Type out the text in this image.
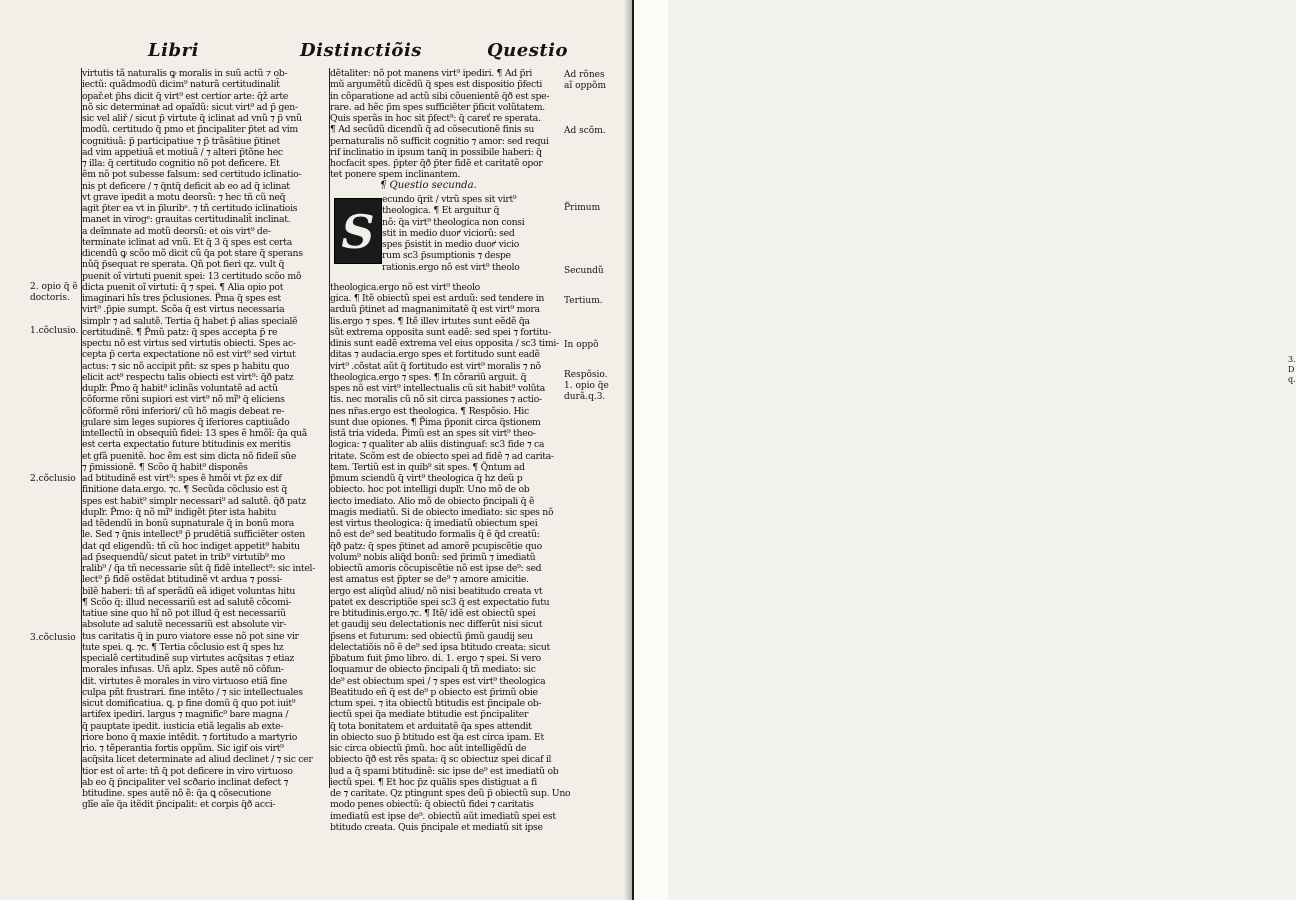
3.
D
q.
Libri	Distinctiõis	Questio
virtutis tã naturalis ꝙ moralis in suũ actũ ⁊ ob-
iectũ: quãdmodũ dicim⁹ naturã certitudinalit̃
opař.et p̃hs dicit q̃ virt⁹ est certior arte: q̃ž arte
nõ sic determinaŧ ad opaĩdũ: sicut virt⁹ ad p̃ gen-
sic vel aliř / sicut p̃ virtute q̃ iclinat ad vnũ ⁊ p̃ vnũ
modũ. certitudo q̃ pmo et p̃ncipaliter p̃tet ad vim
cognitiuã: p̃ participatiue ⁊ p̃ trãsȃtiue p̃tinet
ad vim appetiuã et motiuã / ⁊ alteri p̃tõne hec
⁊ illa: q̃ certitudo cognitio nõ pot deficere. Et
ẽm nõ pot subesse falsum: sed certitudo iclinatio-
nis pt deficere / ⁊ q̃ntq̃ deficit ab eo ad q̃ iclinat
vt grave ipedit a motu deorsũ: ⁊ hec tñ cũ neq̃
agit p̃ter ea vt in p̃luribᵉ. ⁊ tñ certitudo iclinatiois
manet in virogᵉ: grauitas certitudinalit̃ inclinat.
a deĩmnate ad motũ deorsũ: et ois virt⁹ de-
terminate iclinat ad vnũ. Et q̃ 3 q̃ spes est certa
dicendũ ꝙ scõo mõ dicit cũ q̃a pot stare q̃ sperans
nũq̃ p̃sequat re sperata. Qñ pot fieri qz. vult q̃
puenit oĩ virtuti puenit spei: 13 certitudo scõo mõ
dicta puenit oĩ virtuti: q̃ ⁊ spei. ¶ Alia opio pot
imaginari hĩs tres p̃clusiones. P̃ma q̃ spes est
virt⁹ .p̃pie sumpt. Scõa q̃ est virtus necessaria
simplr ⁊ ad salutẽ. Tertia q̃ habet p̃ alias specialẽ
certitudinẽ. ¶ P̃mũ patz: q̃ spes accepta p̃ re
spectu nõ est virtus sed virtutis obiecti. Spes ac-
cepta p̃ certa expectatione nõ est virt⁹ sed virtut
actus: ⁊ sic nõ accipit pñt: sz spes p habitu quo
elicit act⁹ respectu talis obiecti est virt⁹: q̃ð patz
dupľr. P̃mo q̃ habit⁹ iclinãs voluntatẽ ad actũ
cõforme rõni supiori est virt⁹ nõ mĩ⁹ q̃ eliciens
cõformẽ rõni inferiori/ cũ hõ magis debeat re-
gulare sim leges supiores q̃ iferiores captiuãdo
intellectũ in obsequiũ fidei: 13 spes ẽ hmõĩ: q̃a quã
est certa expectatio future btitudinis ex meritis
et gfã puenitẽ. hoc ẽm est sim dicta nõ fideiĩ sũe
⁊ p̃missionẽ. ¶ Scõo q̃ habit⁹ disponẽs
ad btitudinẽ est virt⁹: spes ẽ hmõi vt p̃z ex dif
finitione data.ergo. ⁊c. ¶ Secũda cõclusio est q̃
spes est habit⁹ simplr necessari⁹ ad salutẽ. q̃ð patz
dupľr. P̃mo: q̃ nõ mĩ⁹ indigẽt p̃ter ista habitu
ad tẽdendũ in bonũ supnaturale q̃ in bonũ mora
le. Sed ⁊ q̃nis intellect⁹ p̃ prudẽtiã sufficiẽter osten
dat qd eligendũ: tñ cũ hoc indiget appetit⁹ habitu
ad p̃sequendũ/ sicut patet in trib⁹ virtutib⁹ mo
ralib⁹ / q̃a tñ necessarie sũt q̃ fidẽ intellect⁹: sic intel-
lect⁹ p̃ fidẽ ostẽdat btitudinẽ vt ardua ⁊ possi-
bilẽ haberi: tñ af sperãdũ eã idiget voluntas hitu
¶ Scõo q̃: illud necessariũ est ad salutẽ cõcomi-
tatiue sine quo hĩ nõ pot illud q̃ est necessariũ
absolute ad salutẽ necessariũ est absolute vir-
tus caritatis q̃ in puro viatore esse nõ pot sine vir
tute spei. ꝗ. ⁊c. ¶ Tertia cõclusio est q̃ spes hz
specialẽ certitudinẽ sup virtutes acq̃sitas ⁊ etiaz
morales infusas. Uñ aplz. Spes autẽ nõ cõfun-
dit. virtutes ẽ morales in viro virtuoso etiã fine
culpa pñt frustrari. fine intẽto / ⁊ sic intellectuales
sicut domificatiua. ꝗ. p fine domũ q̃ quo pot iuit⁹
artifex ipediri. largus ⁊ magnific⁹ bare magna /
q̃ pauptate ipedit. iusticia etiã legalis ab exte-
riore bono q̃ maxie intẽdit. ⁊ fortitudo a martyrio
rio. ⁊ tẽperantia fortis oppũm. Sic igif ois virt⁹
acq̃sita licet determinate ad aliud declinet / ⁊ sic cer
tior est oĩ arte: tñ q̃ pot deficere in viro virtuoso
ab eo q̃ p̃ncipaliter vel scðario inclinat defect ⁊
btitudine. spes autẽ nõ ẽ: q̃a ꝗ cõsecutione
glĩe aĩe q̃a itẽdit p̃ncipalit: et corpis q̃ð acci-
dẽtaliter: nõ pot manens virt⁹ ipediri. ¶ Ad p̃ri
mũ argumẽtũ dicẽdũ q̃ spes est dispositio p̃fecti
in cõparatione ad actũ sibi cõuenientẽ q̃ð est spe-
rare. ad hẽc p̃m spes sufficiẽter p̃ficit volũtatem.
Quis sperãs in hoc sit p̃fect⁹: q̃ careť re sperata.
¶ Ad secũdũ dicendũ q̃ ad cõsecutionẽ finis su
pernaturalis nõ sufficit cognitio ⁊ amor: sed requi
rif inclinatio in ipsum tanq̃ in possibile haberi: q̃
hocfacit spes. p̃pter q̃ð p̃ter fidẽ et caritatẽ opor
tet ponere spem inclinantem.
theologica.ergo nõ est virt⁹ theolo
gica. ¶ Itẽ obiectũ spei est arduũ: sed tendere in
arduũ p̃tinet ad magnanimitatẽ q̃ est virt⁹ mora
lis.ergo ⁊ spes. ¶ Itẽ illev irtutes sunt eẽdẽ q̃a
sũt extrema opposita sunt eadẽ: sed spei ⁊ fortitu-
dinis sunt eadẽ extrema vel eius opposita / sc3 timi-
ditas ⁊ audacia.ergo spes et fortitudo sunt eadẽ
virt⁹ .cõstat aũt q̃ fortitudo est virt⁹ moralis ⁊ nõ
theologica.ergo ⁊ spes. ¶ In cõrariũ arguit. q̃
spes nõ est virt⁹ intellectualis cũ sit habit⁹ volũta
tis. nec moralis cũ nõ sit circa passiones ⁊ actio-
nes nr̃as.ergo est theologica. ¶ Respõsio. Hic
sunt due opiones. ¶ P̃ima p̃ponit circa q̃stionem
istã tria videda. P̃imũ est an spes sit virt⁹ theo-
logica: ⁊ qualiter ab aliis distinguaf: sc3 fide ⁊ ca
ritate. Scõm est de obiecto spei ad fidẽ ⁊ ad carita-
tem. Tertiũ est in quib⁹ sit spes. ¶ Q̃ntum ad
p̃mum sciendũ q̃ virt⁹ theologica q̃ hz deũ p
obiecto. hoc pot intelligi dupľr. Uno mõ de ob
iecto imediato. Alio mõ de obiecto p̃ncipali q̃ ẽ
magis mediatũ. Si de obiecto imediato: sic spes nõ
est virtus theologica: q̃ imediatũ obiectum spei
nõ est de⁹ sed beatitudo formalis q̃ ẽ q̃d creatũ:
q̃ð patz: q̃ spes p̃tinet ad amorẽ pcupiscẽtie quo
volum⁹ nobis aliq̃d bonũ: sed p̃rimũ ⁊ imediatũ
obiectũ amoris cõcupiscẽtie nõ est ipse de⁹: sed
est amatus est p̃pter se de⁹ ⁊ amore amicitie.
ergo est aliqũd aliud/ nõ nisi beatitudo creata vt
patet ex descriptiõe spei sc3 q̃ est expectatio futu
re btitudinis.ergo.⁊c. ¶ Itẽ/ idẽ est obiectũ spei
et gaudij seu delectationis nec differũt nisi sicut
p̃sens et futurum: sed obiectũ p̃mũ gaudij seu
delectatiõis nõ ẽ de⁹ sed ipsa btitudo creata: sicut
p̃batum fuit p̃mo libro. di. 1. ergo ⁊ spei. Si vero
loquamur de obiecto p̃ncipali q̃ tñ mediato: sic
de⁹ est obiectum spei / ⁊ spes est virt⁹ theologica
Beatitudo eñ q̃ est de⁹ p obiecto est p̃rimũ obie
ctum spei. ⁊ ita obiectũ btitudis est p̃ncipale ob-
iectũ spei q̃a mediate btitudie est p̃ncipaliter
q̃ tota bonitatem et arduitatẽ q̃a spes attendit
in obiecto suo p̃ btitudo est q̃a est circa ipam. Et
sic circa obiectũ p̃mũ. hoc aũt intelligẽdũ de
obiecto q̃ð est rẽs spata: q̃ sc obiectuz spei dicaf il
lud a q̃ spami btitudinẽ: sic ipse de⁹ est imediatũ ob
iectũ spei. ¶ Et hoc p̃z quãlis spes distiguat a fi
de ⁊ caritate. Qz ptingunt spes deũ p̃ obiectũ sup. Uno
modo penes obiectũ: q̃ obiectũ fidei ⁊ caritatis
imediatũ est ipse de⁹. obiectũ aũt imediatũ spei est
btitudo creata. Quis p̃ncipale et mediatũ sit ipse
¶ Questio secunda.
S
ecundo q̃rit / vtrũ spes sit virt⁹
theologica. ¶ Et arguitur q̃
nõ: q̃a virt⁹ theologica non consi
stit in medio duoꝵ viciorũ: sed
spes p̃sistit in medio duoꝵ vicio
rum sc3 p̃sumptionis ⁊ despe
rationis.ergo nõ est virt⁹ theolo
2. opio q̃ ẽ
doctoris.
1.cõclusio.
2.cõclusio
3.cõclusio
Ad rõnes
aĩ oppõm
Ad scõm.
P̃rimum
Secundũ
Tertium.
In oppõ
Respõsio.
1. opio q̃e
durã.q.3.
